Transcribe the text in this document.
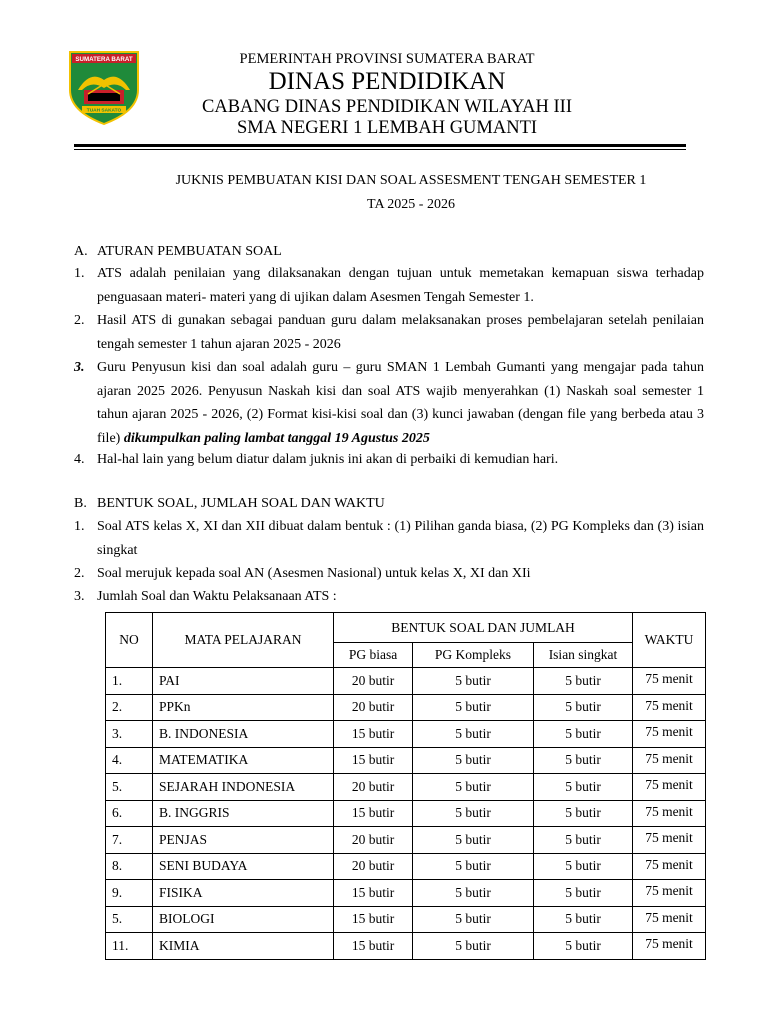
SUMATERA BARAT
TUAH SAKATO
PEMERINTAH PROVINSI SUMATERA BARAT
DINAS PENDIDIKAN
CABANG DINAS PENDIDIKAN WILAYAH III
SMA NEGERI 1 LEMBAH GUMANTI
JUKNIS PEMBUATAN KISI DAN SOAL ASSESMENT TENGAH SEMESTER 1
TA 2025 - 2026
A. ATURAN PEMBUATAN SOAL
1. ATS adalah penilaian yang dilaksanakan dengan tujuan untuk memetakan kemapuan siswa terhadap penguasaan materi- materi yang di ujikan dalam Asesmen Tengah Semester 1.
2. Hasil ATS di gunakan sebagai panduan guru dalam melaksanakan proses pembelajaran setelah penilaian tengah semester 1 tahun ajaran 2025 - 2026
3. Guru Penyusun kisi dan soal adalah guru – guru SMAN 1 Lembah Gumanti yang mengajar pada tahun ajaran 2025 2026. Penyusun Naskah kisi dan soal ATS wajib menyerahkan (1) Naskah soal semester 1 tahun ajaran 2025 - 2026, (2) Format kisi-kisi soal dan (3) kunci jawaban (dengan file yang berbeda atau 3 file) dikumpulkan paling lambat tanggal 19 Agustus 2025
4. Hal-hal lain yang belum diatur dalam juknis ini akan di perbaiki di kemudian hari.
B. BENTUK SOAL, JUMLAH SOAL DAN WAKTU
1. Soal ATS kelas X, XI dan XII dibuat dalam bentuk : (1) Pilihan ganda biasa, (2) PG Kompleks dan (3) isian singkat
2. Soal merujuk kepada soal AN (Asesmen Nasional) untuk kelas X, XI dan XIi
3. Jumlah Soal dan Waktu Pelaksanaan ATS :
NO	MATA PELAJARAN	BENTUK SOAL DAN JUMLAH			WAKTU
		PG biasa	PG Kompleks	Isian singkat	
1.	PAI	20 butir	5 butir	5 butir	75 menit
2.	PPKn	20 butir	5 butir	5 butir	75 menit
3.	B. INDONESIA	15 butir	5 butir	5 butir	75 menit
4.	MATEMATIKA	15 butir	5 butir	5 butir	75 menit
5.	SEJARAH INDONESIA	20 butir	5 butir	5 butir	75 menit
6.	B. INGGRIS	15 butir	5 butir	5 butir	75 menit
7.	PENJAS	20 butir	5 butir	5 butir	75 menit
8.	SENI BUDAYA	20 butir	5 butir	5 butir	75 menit
9.	FISIKA	15 butir	5 butir	5 butir	75 menit
5.	BIOLOGI	15 butir	5 butir	5 butir	75 menit
11.	KIMIA	15 butir	5 butir	5 butir	75 menit
